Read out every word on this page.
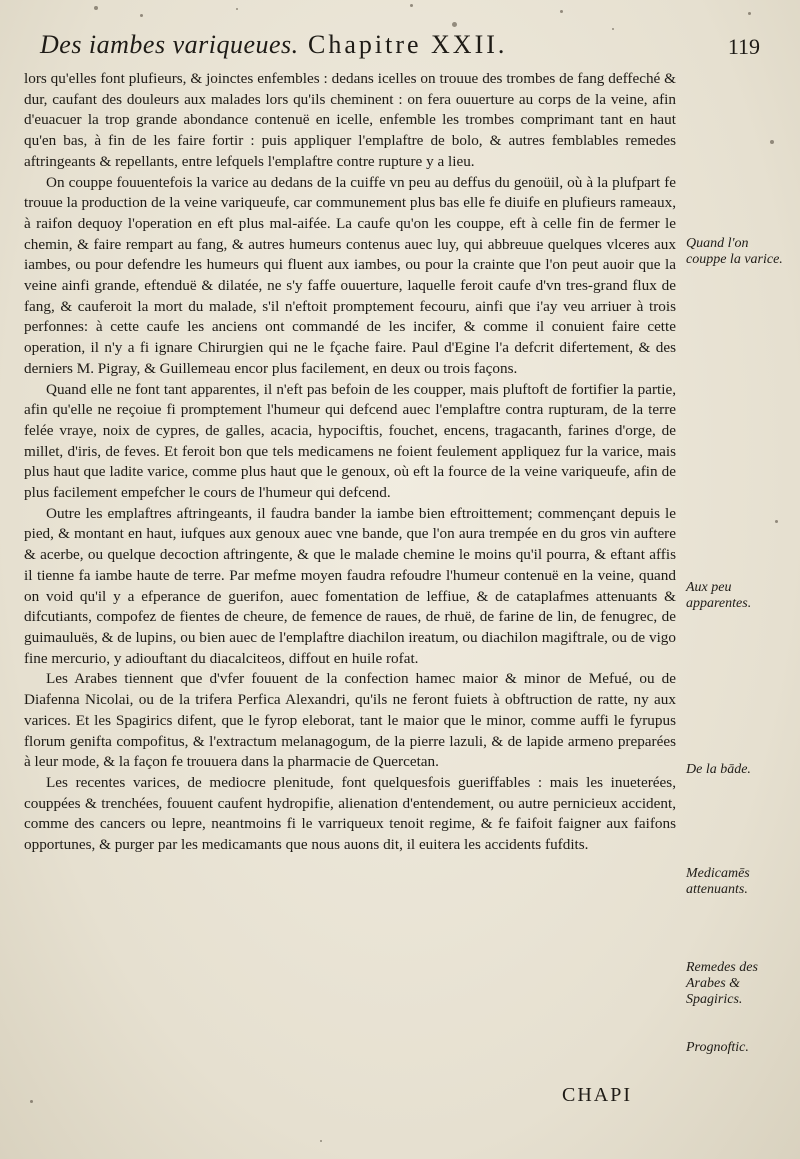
Des iambes variqueues. Chapitre XXII.	119

lors qu'elles font plufieurs, & joinctes enfembles : dedans icelles on trouue des trombes de fang deffeché & dur, caufant des douleurs aux malades lors qu'ils cheminent : on fera ouuerture au corps de la veine, afin d'euacuer la trop grande abondance contenuë en icelle, enfemble les trombes comprimant tant en haut qu'en bas, à fin de les faire fortir : puis appliquer l'emplaftre de bolo, & autres femblables remedes aftringeants & repellants, entre lefquels l'emplaftre contre rupture y a lieu.

On couppe fouuentefois la varice au dedans de la cuiffe vn peu au deffus du genoüil, où à la plufpart fe trouue la production de la veine variqueufe, car communement plus bas elle fe diuife en plufieurs rameaux, à raifon dequoy l'operation en eft plus mal-aifée. La caufe qu'on les couppe, eft à celle fin de fermer le chemin, & faire rempart au fang, & autres humeurs contenus auec luy, qui abbreuue quelques vlceres aux iambes, ou pour defendre les humeurs qui fluent aux iambes, ou pour la crainte que l'on peut auoir que la veine ainfi grande, eftenduë & dilatée, ne s'y faffe ouuerture, laquelle feroit caufe d'vn tres-grand flux de fang, & cauferoit la mort du malade, s'il n'eftoit promptement fecouru, ainfi que i'ay veu arriuer à trois perfonnes: à cette caufe les anciens ont commandé de les incifer, & comme il conuient faire cette operation, il n'y a fi ignare Chirurgien qui ne le fçache faire. Paul d'Egine l'a defcrit difertement, & des derniers M. Pigray, & Guillemeau encor plus facilement, en deux ou trois façons.

Quand elle ne font tant apparentes, il n'eft pas befoin de les coupper, mais pluftoft de fortifier la partie, afin qu'elle ne reçoiue fi promptement l'humeur qui defcend auec l'emplaftre contra rupturam, de la terre felée vraye, noix de cypres, de galles, acacia, hypociftis, fouchet, encens, tragacanth, farines d'orge, de millet, d'iris, de feves. Et feroit bon que tels medicamens ne foient feulement appliquez fur la varice, mais plus haut que ladite varice, comme plus haut que le genoux, où eft la fource de la veine variqueufe, afin de plus facilement empefcher le cours de l'humeur qui defcend.

Outre les emplaftres aftringeants, il faudra bander la iambe bien eftroittement; commençant depuis le pied, & montant en haut, iufques aux genoux auec vne bande, que l'on aura trempée en du gros vin auftere & acerbe, ou quelque decoction aftringente, & que le malade chemine le moins qu'il pourra, & eftant affis il tienne fa iambe haute de terre. Par mefme moyen faudra refoudre l'humeur contenuë en la veine, quand on void qu'il y a efperance de guerifon, auec fomentation de leffiue, & de cataplafmes attenuants & difcutiants, compofez de fientes de cheure, de femence de raues, de rhuë, de farine de lin, de fenugrec, de guimauluës, & de lupins, ou bien auec de l'emplaftre diachilon ireatum, ou diachilon magiftrale, ou de vigo fine mercurio, y adiouftant du diacalciteos, diffout en huile rofat.

Les Arabes tiennent que d'vfer fouuent de la confection hamec maior & minor de Mefué, ou de Diafenna Nicolai, ou de la trifera Perfica Alexandri, qu'ils ne feront fuiets à obftruction de ratte, ny aux varices. Et les Spagirics difent, que le fyrop eleborat, tant le maior que le minor, comme auffi le fyrupus florum genifta compofitus, & l'extractum melanagogum, de la pierre lazuli, & de lapide armeno preparées à leur mode, & la façon fe trouuera dans la pharmacie de Quercetan.

Les recentes varices, de mediocre plenitude, font quelquesfois gueriffables : mais les inueterées, couppées & trenchées, fouuent caufent hydropifie, alienation d'entendement, ou autre pernicieux accident, comme des cancers ou lepre, neantmoins fi le varriqueux tenoit regime, & fe faifoit faigner aux faifons opportunes, & purger par les medicamants que nous auons dit, il euitera les accidents fufdits.

Quand l'on couppe la varice.
Aux peu apparentes.
De la bāde.
Medicamēs attenuants.
Remedes des Arabes & Spagirics.
Prognoftic.
CHAPI
